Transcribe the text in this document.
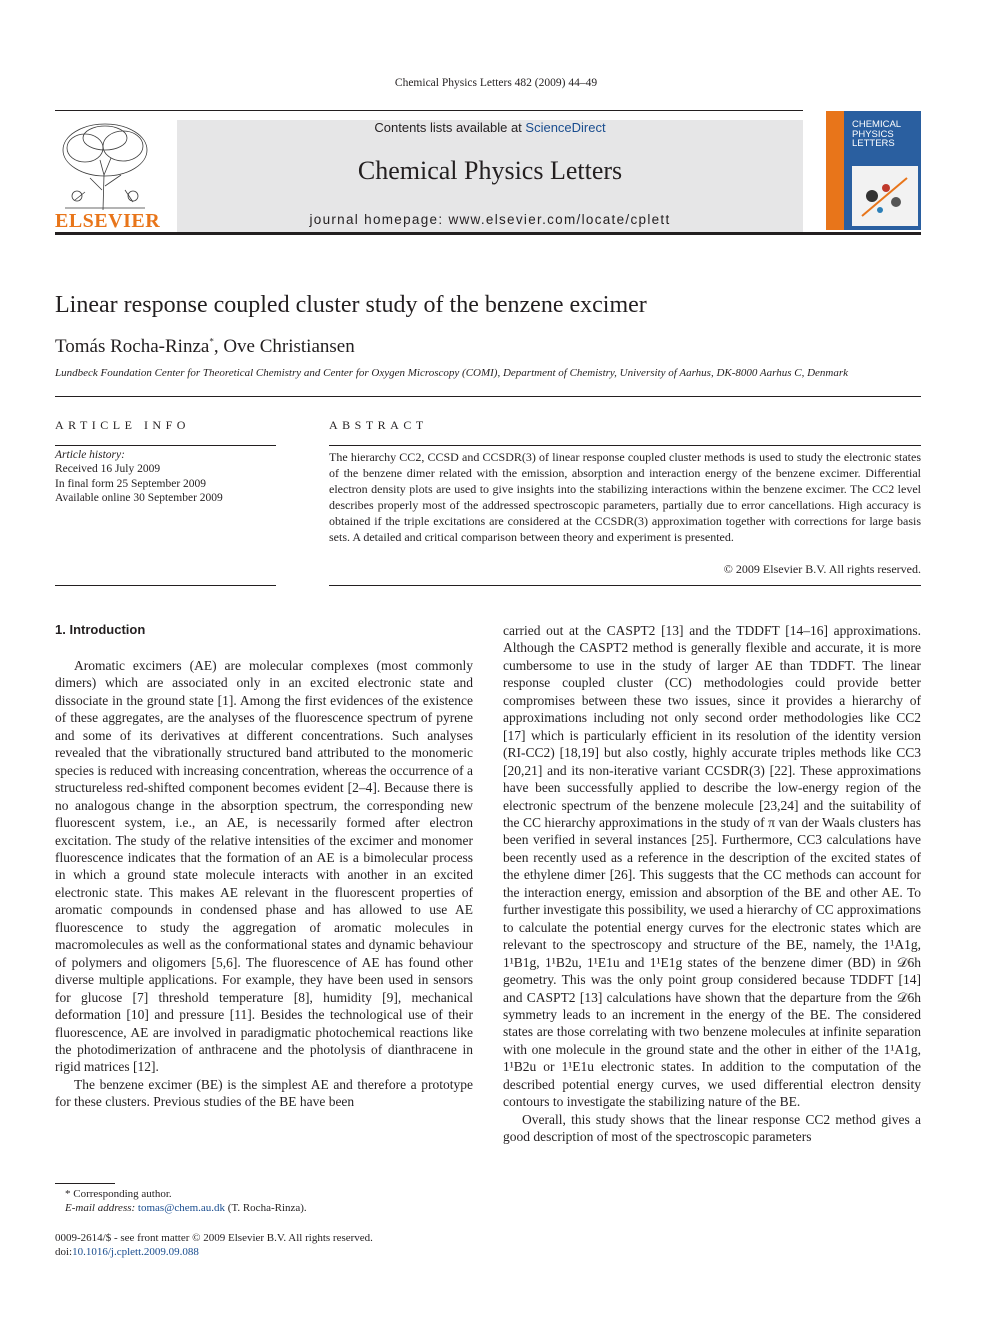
Chemical Physics Letters 482 (2009) 44–49
ELSEVIER
Contents lists available at ScienceDirect
Chemical Physics Letters
journal homepage: www.elsevier.com/locate/cplett
CHEMICAL
PHYSICS
LETTERS
Linear response coupled cluster study of the benzene excimer
Tomás Rocha-Rinza*, Ove Christiansen
Lundbeck Foundation Center for Theoretical Chemistry and Center for Oxygen Microscopy (COMI), Department of Chemistry, University of Aarhus, DK-8000 Aarhus C, Denmark
ARTICLE INFO
Article history:
Received 16 July 2009
In final form 25 September 2009
Available online 30 September 2009
ABSTRACT
The hierarchy CC2, CCSD and CCSDR(3) of linear response coupled cluster methods is used to study the electronic states of the benzene dimer related with the emission, absorption and interaction energy of the benzene excimer. Differential electron density plots are used to give insights into the stabilizing interactions within the benzene excimer. The CC2 level describes properly most of the addressed spectroscopic parameters, partially due to error cancellations. High accuracy is obtained if the triple excitations are considered at the CCSDR(3) approximation together with corrections for large basis sets. A detailed and critical comparison between theory and experiment is presented.
© 2009 Elsevier B.V. All rights reserved.
1. Introduction

Aromatic excimers (AE) are molecular complexes (most commonly dimers) which are associated only in an excited electronic state and dissociate in the ground state [1]. Among the first evidences of the existence of these aggregates, are the analyses of the fluorescence spectrum of pyrene and some of its derivatives at different concentrations. Such analyses revealed that the vibrationally structured band attributed to the monomeric species is reduced with increasing concentration, whereas the occurrence of a structureless red-shifted component becomes evident [2–4]. Because there is no analogous change in the absorption spectrum, the corresponding new fluorescent system, i.e., an AE, is necessarily formed after electron excitation. The study of the relative intensities of the excimer and monomer fluorescence indicates that the formation of an AE is a bimolecular process in which a ground state molecule interacts with another in an excited electronic state. This makes AE relevant in the fluorescent properties of aromatic compounds in condensed phase and has allowed to use AE fluorescence to study the aggregation of aromatic molecules in macromolecules as well as the conformational states and dynamic behaviour of polymers and oligomers [5,6]. The fluorescence of AE has found other diverse multiple applications. For example, they have been used in sensors for glucose [7] threshold temperature [8], humidity [9], mechanical deformation [10] and pressure [11]. Besides the technological use of their fluorescence, AE are involved in paradigmatic photochemical reactions like the photodimerization of anthracene and the photolysis of dianthracene in rigid matrices [12].

The benzene excimer (BE) is the simplest AE and therefore a prototype for these clusters. Previous studies of the BE have been

carried out at the CASPT2 [13] and the TDDFT [14–16] approximations. Although the CASPT2 method is generally flexible and accurate, it is more cumbersome to use in the study of larger AE than TDDFT. The linear response coupled cluster (CC) methodologies could provide better compromises between these two issues, since it provides a hierarchy of approximations including not only second order methodologies like CC2 [17] which is particularly efficient in its resolution of the identity version (RI-CC2) [18,19] but also costly, highly accurate triples methods like CC3 [20,21] and its non-iterative variant CCSDR(3) [22]. These approximations have been successfully applied to describe the low-energy region of the electronic spectrum of the benzene molecule [23,24] and the suitability of the CC hierarchy approximations in the study of π van der Waals clusters has been verified in several instances [25]. Furthermore, CC3 calculations have been recently used as a reference in the description of the excited states of the ethylene dimer [26]. This suggests that the CC methods can account for the interaction energy, emission and absorption of the BE and other AE. To further investigate this possibility, we used a hierarchy of CC approximations to calculate the potential energy curves for the electronic states which are relevant to the spectroscopy and structure of the BE, namely, the 1¹A1g, 1¹B1g, 1¹B2u, 1¹E1u and 1¹E1g states of the benzene dimer (BD) in 𝒟6h geometry. This was the only point group considered because TDDFT [14] and CASPT2 [13] calculations have shown that the departure from the 𝒟6h symmetry leads to an increment in the energy of the BE. The considered states are those correlating with two benzene molecules at infinite separation with one molecule in the ground state and the other in either of the 1¹A1g, 1¹B2u or 1¹E1u electronic states. In addition to the computation of the described potential energy curves, we used differential electron density contours to investigate the stabilizing nature of the BE.

Overall, this study shows that the linear response CC2 method gives a good description of most of the spectroscopic parameters

* Corresponding author.
E-mail address: tomas@chem.au.dk (T. Rocha-Rinza).
0009-2614/$ - see front matter © 2009 Elsevier B.V. All rights reserved.
doi:10.1016/j.cplett.2009.09.088
